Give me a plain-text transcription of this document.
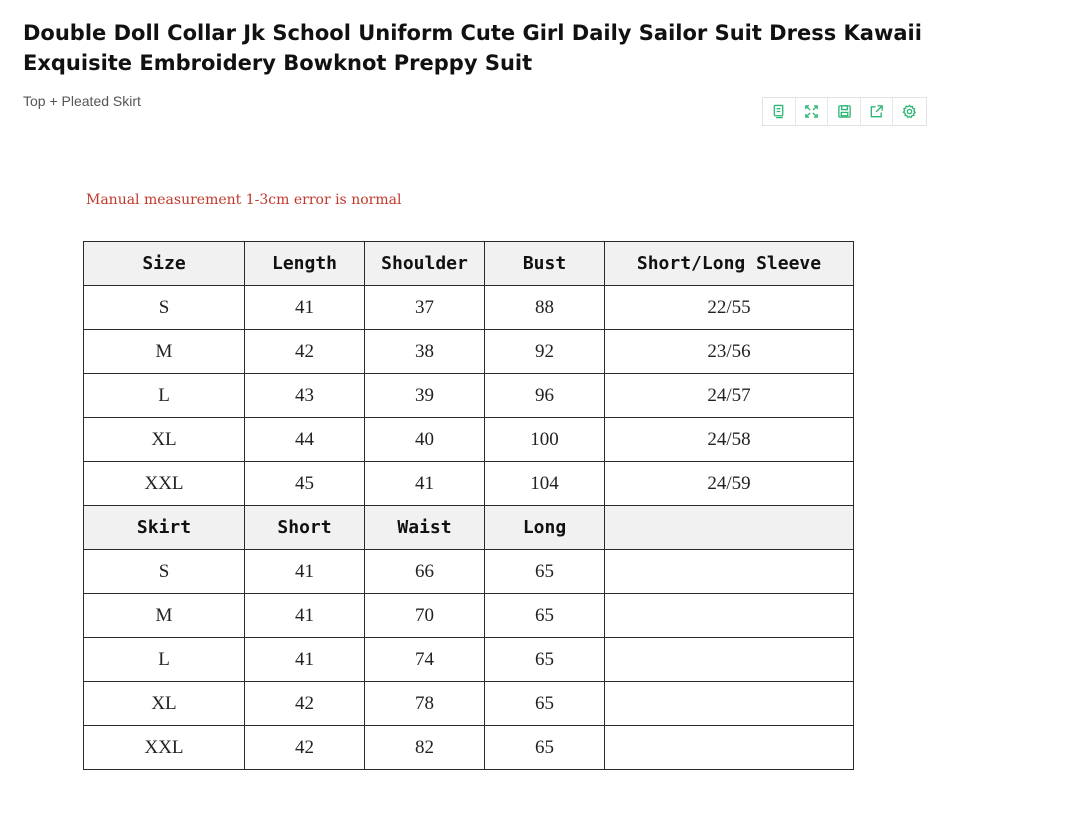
Double Doll Collar Jk School Uniform Cute Girl Daily Sailor Suit Dress Kawaii Exquisite Embroidery Bowknot Preppy Suit
Top + Pleated Skirt
Manual measurement 1-3cm error is normal
Size	Length	Shoulder	Bust	Short/Long Sleeve
S	41	37	88	22/55
M	42	38	92	23/56
L	43	39	96	24/57
XL	44	40	100	24/58
XXL	45	41	104	24/59
Skirt	Short	Waist	Long	
S	41	66	65	
M	41	70	65	
L	41	74	65	
XL	42	78	65	
XXL	42	82	65	
